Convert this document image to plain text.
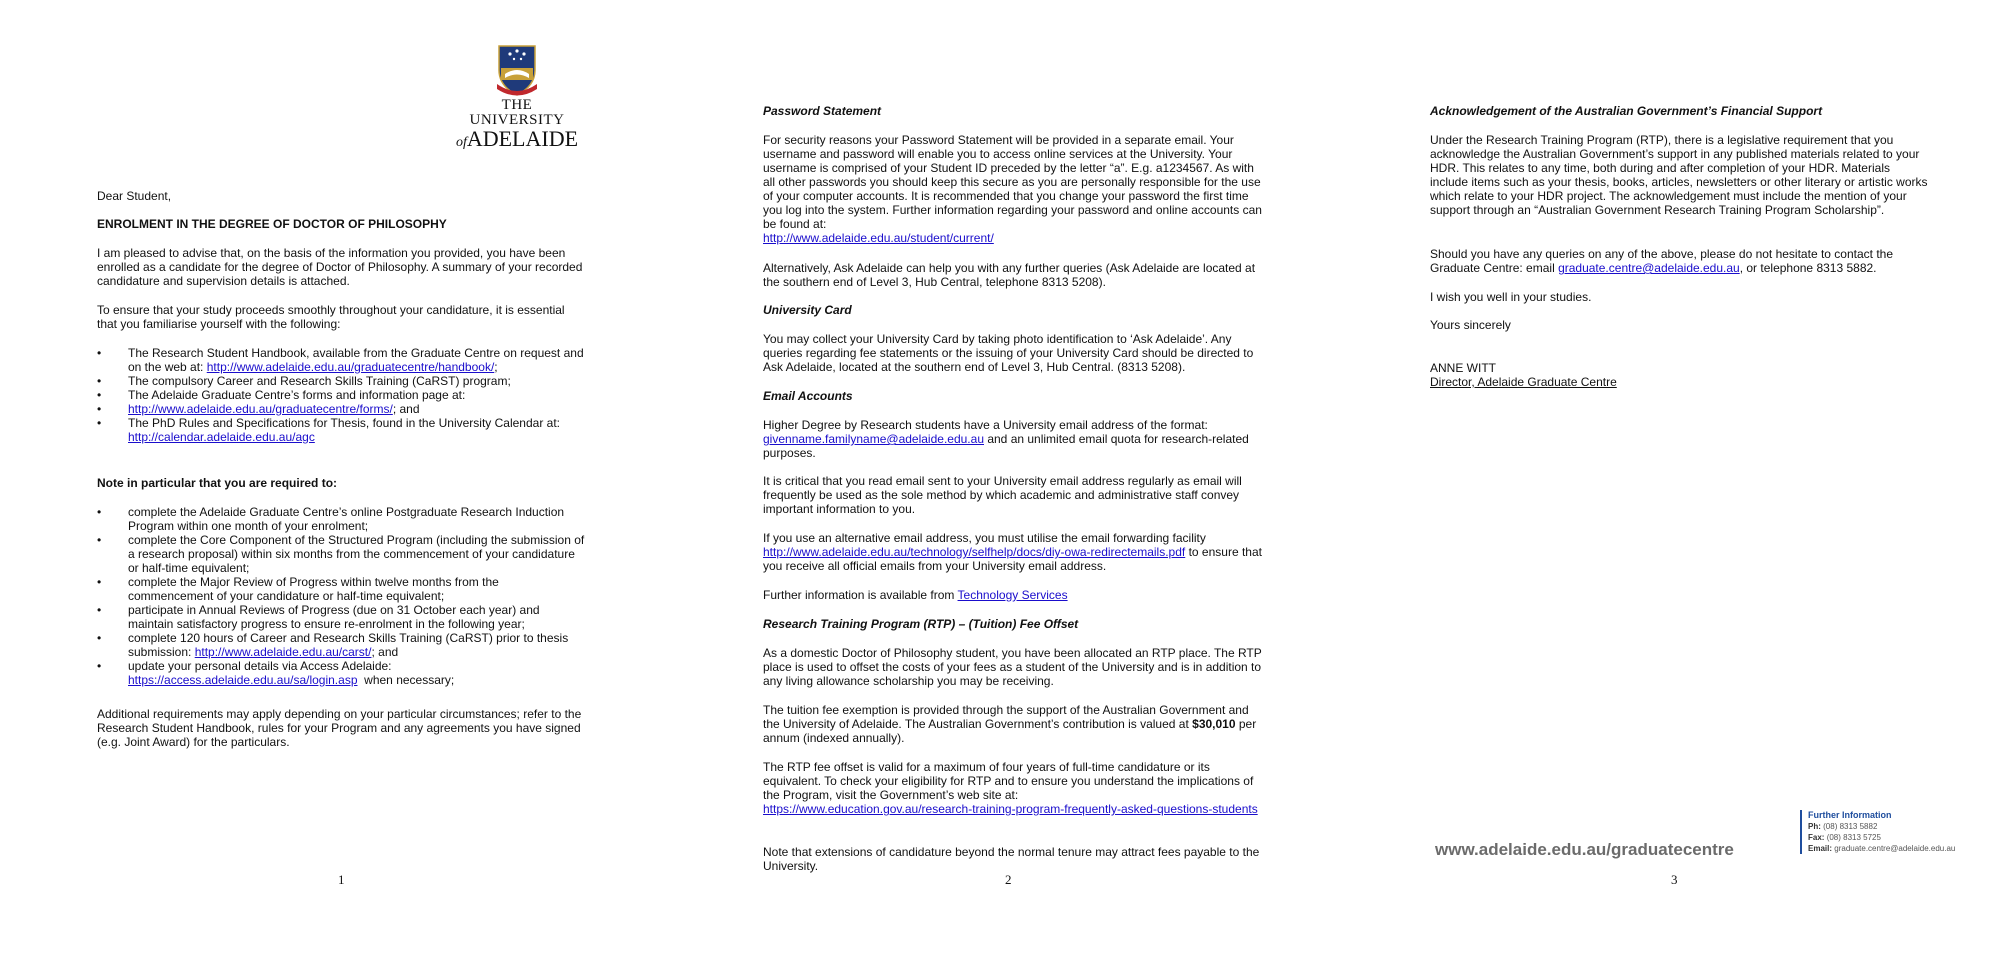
THE UNIVERSITY
ofADELAIDE

Dear Student,

ENROLMENT IN THE DEGREE OF DOCTOR OF PHILOSOPHY

I am pleased to advise that, on the basis of the information you provided, you have been enrolled as a candidate for the degree of Doctor of Philosophy. A summary of your recorded candidature and supervision details is attached.

To ensure that your study proceeds smoothly throughout your candidature, it is essential that you familiarise yourself with the following:

• The Research Student Handbook, available from the Graduate Centre on request and on the web at: http://www.adelaide.edu.au/graduatecentre/handbook/;
• The compulsory Career and Research Skills Training (CaRST) program;
• The Adelaide Graduate Centre’s forms and information page at:
• http://www.adelaide.edu.au/graduatecentre/forms/; and
• The PhD Rules and Specifications for Thesis, found in the University Calendar at:
http://calendar.adelaide.edu.au/agc

Note in particular that you are required to:

• complete the Adelaide Graduate Centre’s online Postgraduate Research Induction Program within one month of your enrolment;
• complete the Core Component of the Structured Program (including the submission of a research proposal) within six months from the commencement of your candidature or half-time equivalent;
• complete the Major Review of Progress within twelve months from the commencement of your candidature or half-time equivalent;
• participate in Annual Reviews of Progress (due on 31 October each year) and maintain satisfactory progress to ensure re-enrolment in the following year;
• complete 120 hours of Career and Research Skills Training (CaRST) prior to thesis submission: http://www.adelaide.edu.au/carst/; and
• update your personal details via Access Adelaide:
https://access.adelaide.edu.au/sa/login.asp  when necessary;

Additional requirements may apply depending on your particular circumstances; refer to the Research Student Handbook, rules for your Program and any agreements you have signed (e.g. Joint Award) for the particulars.

1

Password Statement

For security reasons your Password Statement will be provided in a separate email. Your username and password will enable you to access online services at the University. Your username is comprised of your Student ID preceded by the letter “a”. E.g. a1234567. As with all other passwords you should keep this secure as you are personally responsible for the use of your computer accounts. It is recommended that you change your password the first time you log into the system. Further information regarding your password and online accounts can be found at:
http://www.adelaide.edu.au/student/current/

Alternatively, Ask Adelaide can help you with any further queries (Ask Adelaide are located at the southern end of Level 3, Hub Central, telephone 8313 5208).

University Card

You may collect your University Card by taking photo identification to ‘Ask Adelaide’. Any queries regarding fee statements or the issuing of your University Card should be directed to Ask Adelaide, located at the southern end of Level 3, Hub Central. (8313 5208).

Email Accounts

Higher Degree by Research students have a University email address of the format:
givenname.familyname@adelaide.edu.au and an unlimited email quota for research-related purposes.

It is critical that you read email sent to your University email address regularly as email will frequently be used as the sole method by which academic and administrative staff convey important information to you.

If you use an alternative email address, you must utilise the email forwarding facility
http://www.adelaide.edu.au/technology/selfhelp/docs/diy-owa-redirectemails.pdf to ensure that you receive all official emails from your University email address.

Further information is available from Technology Services

Research Training Program (RTP) – (Tuition) Fee Offset

As a domestic Doctor of Philosophy student, you have been allocated an RTP place. The RTP place is used to offset the costs of your fees as a student of the University and is in addition to any living allowance scholarship you may be receiving.

The tuition fee exemption is provided through the support of the Australian Government and the University of Adelaide. The Australian Government’s contribution is valued at $30,010 per annum (indexed annually).

The RTP fee offset is valid for a maximum of four years of full-time candidature or its equivalent. To check your eligibility for RTP and to ensure you understand the implications of the Program, visit the Government’s web site at:
https://www.education.gov.au/research-training-program-frequently-asked-questions-students

Note that extensions of candidature beyond the normal tenure may attract fees payable to the University.

2

Acknowledgement of the Australian Government’s Financial Support

Under the Research Training Program (RTP), there is a legislative requirement that you acknowledge the Australian Government’s support in any published materials related to your HDR. This relates to any time, both during and after completion of your HDR. Materials include items such as your thesis, books, articles, newsletters or other literary or artistic works which relate to your HDR project. The acknowledgement must include the mention of your support through an “Australian Government Research Training Program Scholarship”.

Should you have any queries on any of the above, please do not hesitate to contact the Graduate Centre: email graduate.centre@adelaide.edu.au, or telephone 8313 5882.

I wish you well in your studies.

Yours sincerely

ANNE WITT

Director, Adelaide Graduate Centre

3
www.adelaide.edu.au/graduatecentre
Further Information
Ph: (08) 8313 5882
Fax: (08) 8313 5725
Email: graduate.centre@adelaide.edu.au
